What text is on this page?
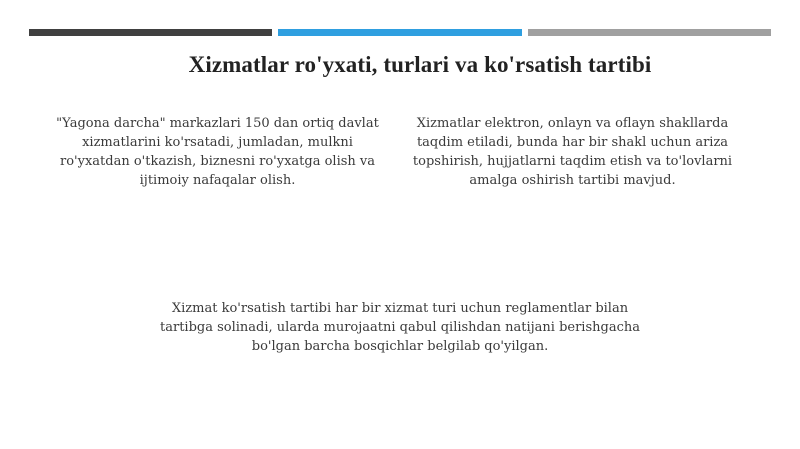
Xizmatlar ro'yxati, turlari va ko'rsatish tartibi

"Yagona darcha" markazlari 150 dan ortiq davlat xizmatlarini ko'rsatadi, jumladan, mulkni ro'yxatdan o'tkazish, biznesni ro'yxatga olish va ijtimoiy nafaqalar olish.

Xizmatlar elektron, onlayn va oflayn shakllarda taqdim etiladi, bunda har bir shakl uchun ariza topshirish, hujjatlarni taqdim etish va to'lovlarni amalga oshirish tartibi mavjud.

Xizmat ko'rsatish tartibi har bir xizmat turi uchun reglamentlar bilan tartibga solinadi, ularda murojaatni qabul qilishdan natijani berishgacha bo'lgan barcha bosqichlar belgilab qo'yilgan.
